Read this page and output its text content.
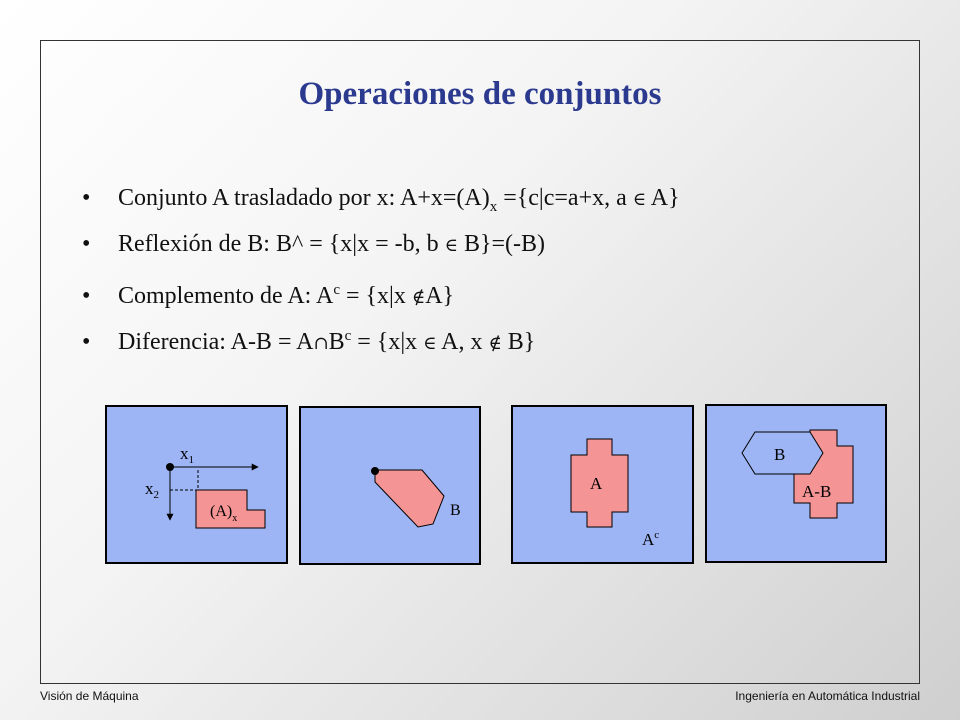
Operaciones de conjuntos
• Conjunto A trasladado por x: $A+x=(A)_x =\{c|c=a+x$, a ∈ A}
• Reflexión de B: B^ = {x|x = -b, b ∈ B}=(-B)
• Complemento de A: $A^c = \{x|x$ ∉A}
• Diferencia: $A-B = A\cap B^c = \{x|x$ ∈ A, x ∉ B}
$x_1$
$x_2$
$(A)_x$	B
A
$A^c$
B
A-B
Visión de Máquina	Ingeniería en Automática Industrial
